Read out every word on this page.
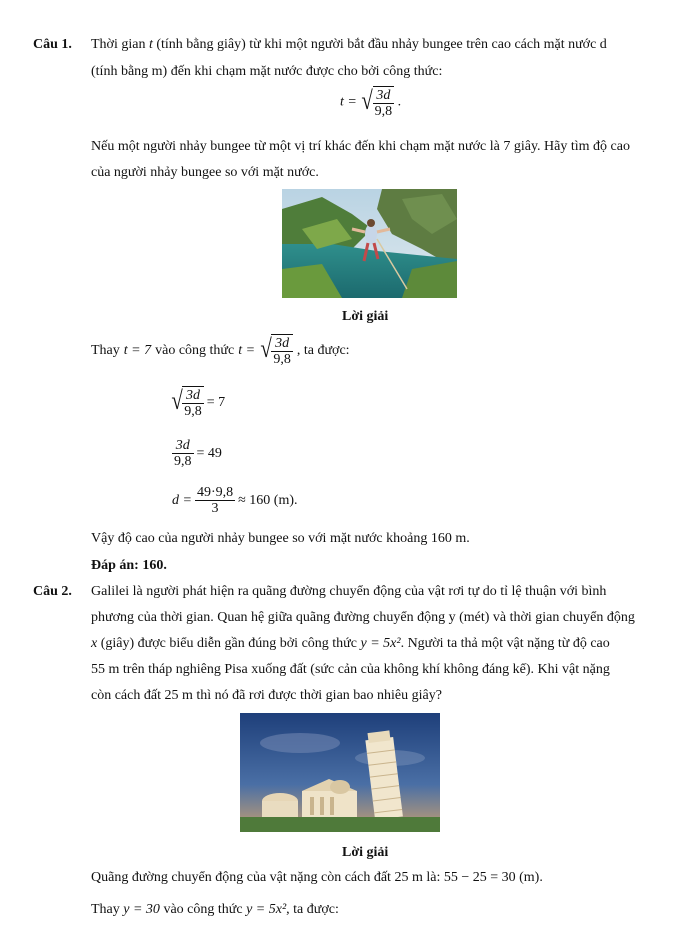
Câu 1. Thời gian t (tính bằng giây) từ khi một người bắt đầu nhảy bungee trên cao cách mặt nước d
(tính bằng m) đến khi chạm mặt nước được cho bởi công thức:
t = √ $\frac{3d}{9,8}$ .
Nếu một người nhảy bungee từ một vị trí khác đến khi chạm mặt nước là 7 giây. Hãy tìm độ cao
của người nhảy bungee so với mặt nước.
Lời giải
Thay t = 7 vào công thức t = √ $\frac{3d}{9,8}$ , ta được:
√ $\frac{3d}{9,8} = 7$
$\frac{3d}{9,8} = 49$
$d = \frac{49\cdot 9,8}{3} \approx 160$ (m).
Vậy độ cao của người nhảy bungee so với mặt nước khoảng 160 m.
Đáp án: 160.
Câu 2. Galilei là người phát hiện ra quãng đường chuyển động của vật rơi tự do tỉ lệ thuận với bình
phương của thời gian. Quan hệ giữa quãng đường chuyển động y (mét) và thời gian chuyển động
x (giây) được biểu diễn gần đúng bởi công thức y = 5x². Người ta thả một vật nặng từ độ cao
55 m trên tháp nghiêng Pisa xuống đất (sức cản của không khí không đáng kể). Khi vật nặng
còn cách đất 25 m thì nó đã rơi được thời gian bao nhiêu giây?
Lời giải
Quãng đường chuyển động của vật nặng còn cách đất 25 m là: 55 − 25 = 30 (m).
Thay y = 30 vào công thức y = 5x², ta được:
